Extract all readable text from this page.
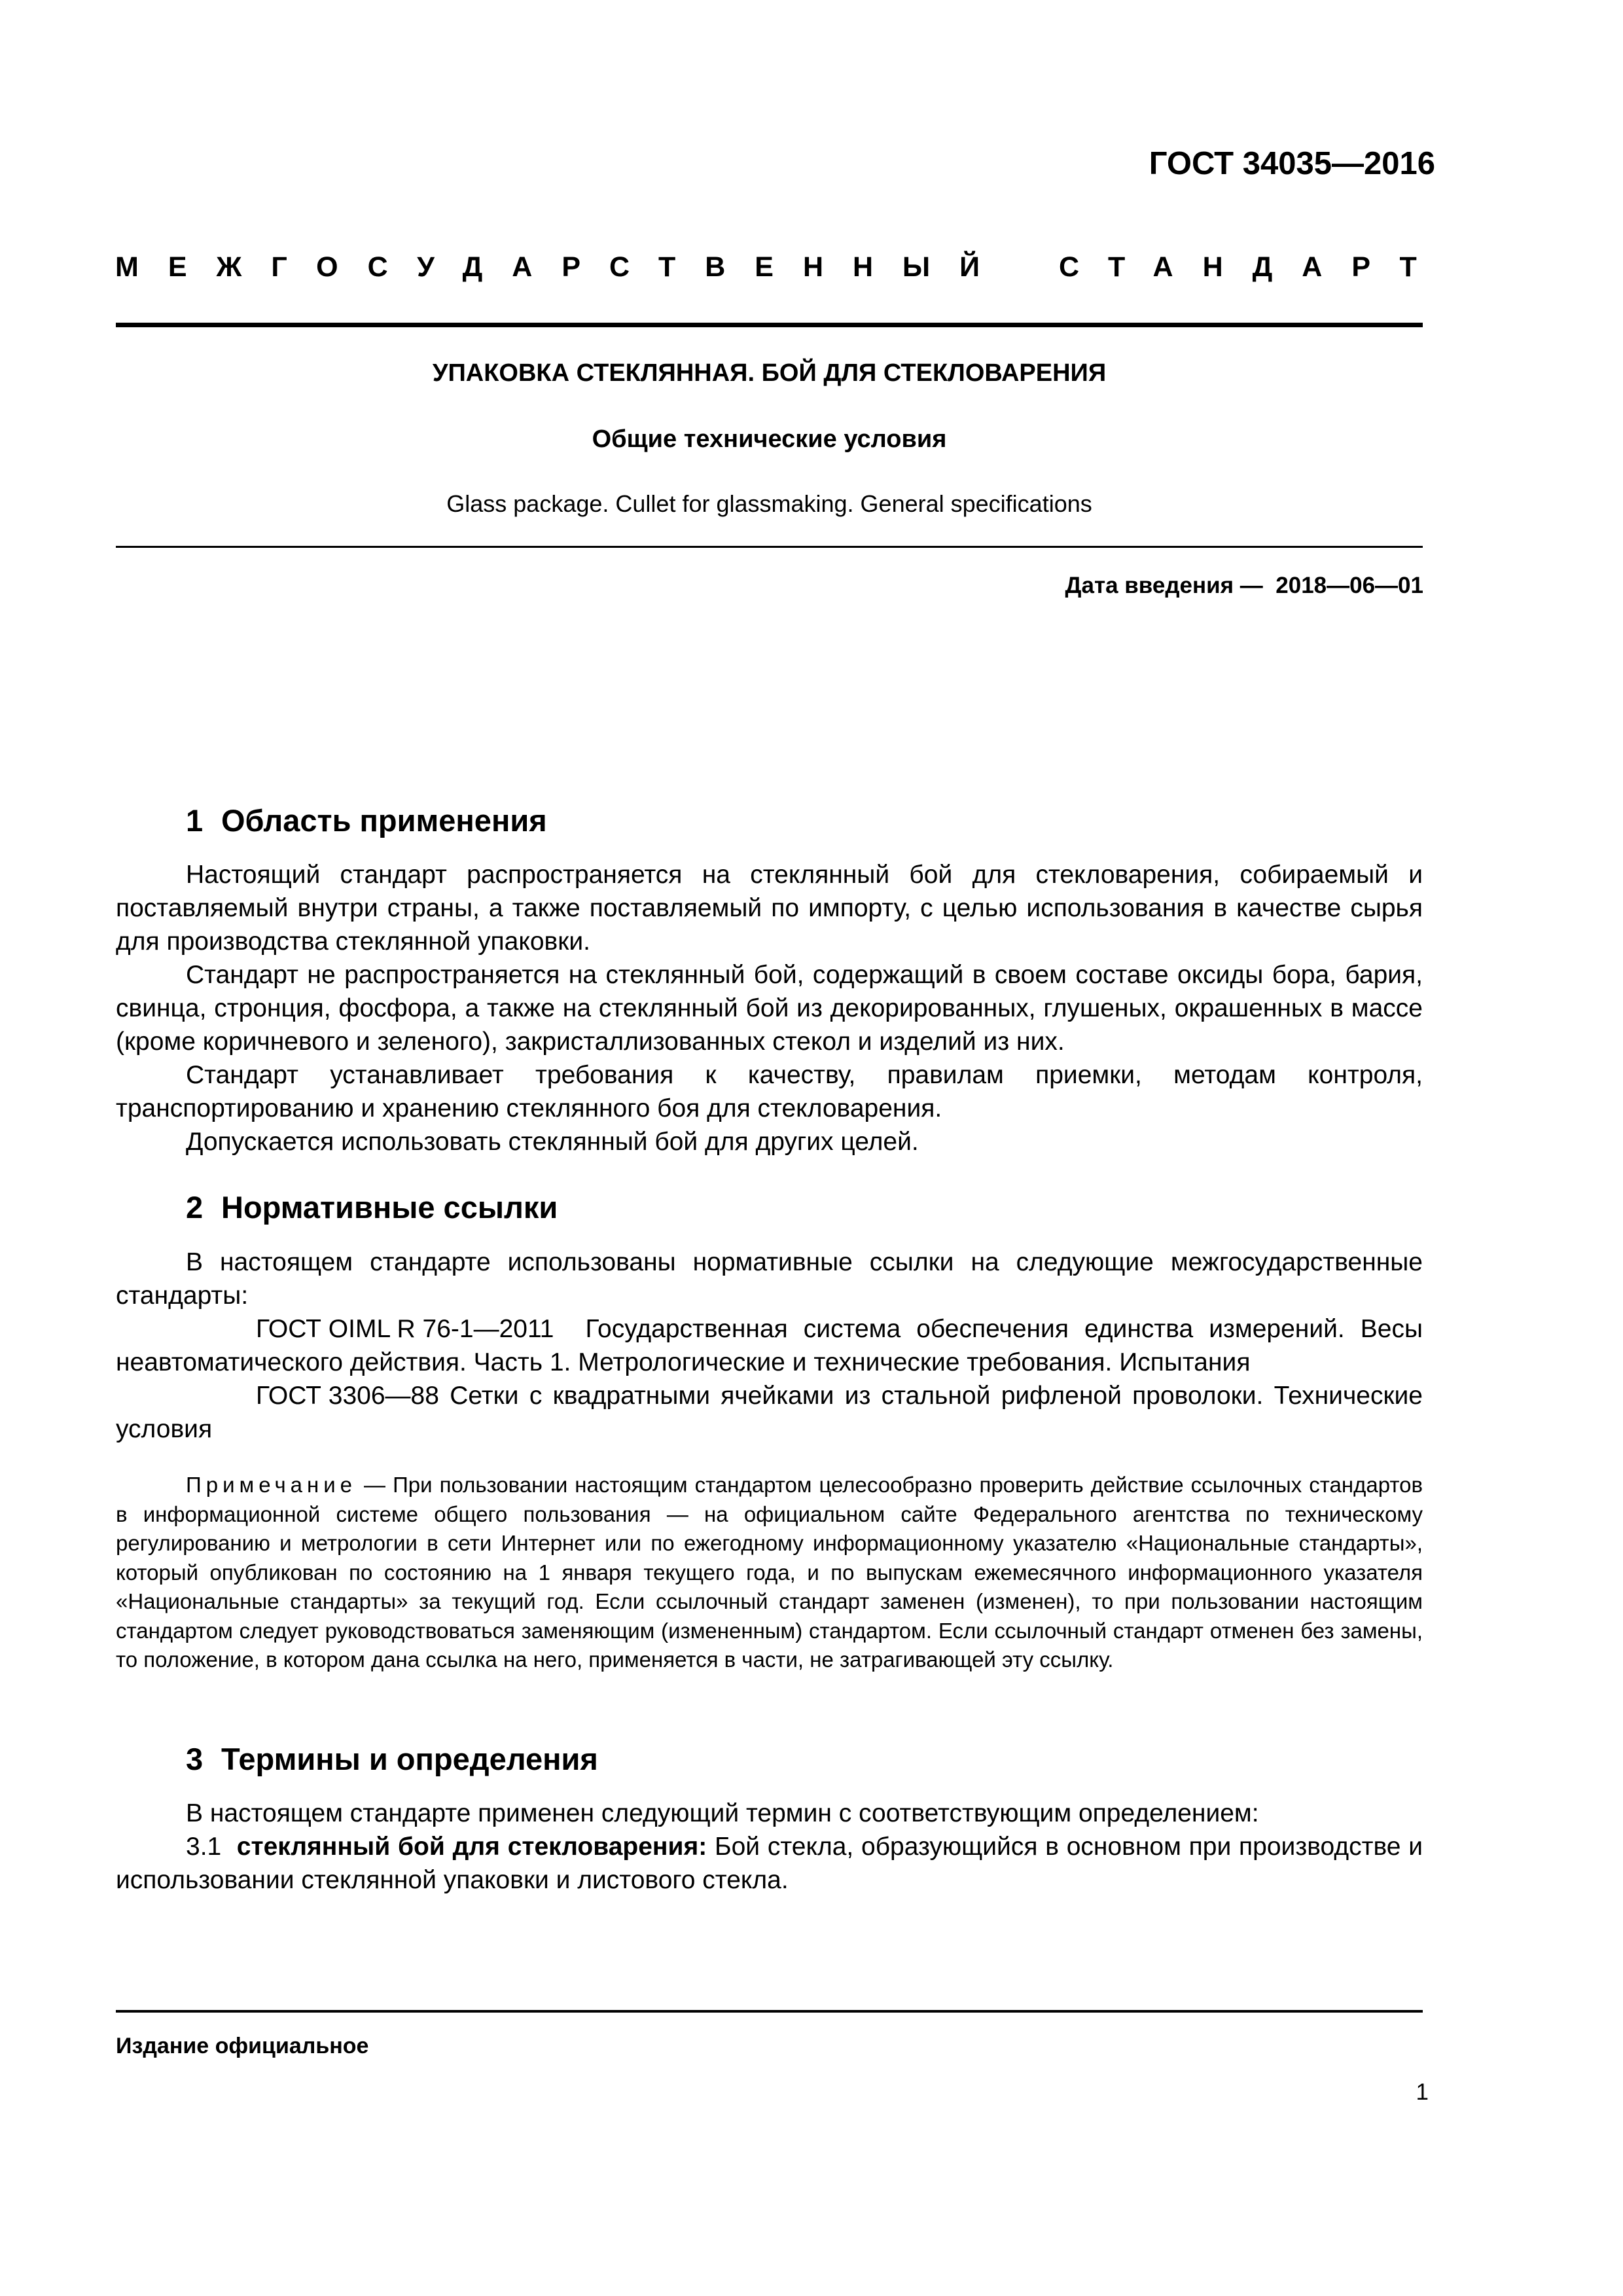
ГОСТ 34035—2016
МЕЖГОСУДАРСТВЕННЫЙ СТАНДАРТ
УПАКОВКА СТЕКЛЯННАЯ. БОЙ ДЛЯ СТЕКЛОВАРЕНИЯ
Общие технические условия
Glass package. Cullet for glassmaking. General specifications
Дата введения — 2018—06—01
1 Область применения

Настоящий стандарт распространяется на стеклянный бой для стекловарения, собираемый и поставляемый внутри страны, а также поставляемый по импорту, с целью использования в качестве сырья для производства стеклянной упаковки.

Стандарт не распространяется на стеклянный бой, содержащий в своем составе оксиды бора, бария, свинца, стронция, фосфора, а также на стеклянный бой из декорированных, глушеных, окрашенных в массе (кроме коричневого и зеленого), закристаллизованных стекол и изделий из них.

Стандарт устанавливает требования к качеству, правилам приемки, методам контроля, транспортированию и хранению стеклянного боя для стекловарения.

Допускается использовать стеклянный бой для других целей.

2 Нормативные ссылки

В настоящем стандарте использованы нормативные ссылки на следующие межгосударственные стандарты:

ГОСТ OIML R 76-1—2011 Государственная система обеспечения единства измерений. Весы неавтоматического действия. Часть 1. Метрологические и технические требования. Испытания

ГОСТ 3306—88 Сетки с квадратными ячейками из стальной рифленой проволоки. Технические условия

Примечание — При пользовании настоящим стандартом целесообразно проверить действие ссылочных стандартов в информационной системе общего пользования — на официальном сайте Федерального агентства по техническому регулированию и метрологии в сети Интернет или по ежегодному информационному указателю «Национальные стандарты», который опубликован по состоянию на 1 января текущего года, и по выпускам ежемесячного информационного указателя «Национальные стандарты» за текущий год. Если ссылочный стандарт заменен (изменен), то при пользовании настоящим стандартом следует руководствоваться заменяющим (измененным) стандартом. Если ссылочный стандарт отменен без замены, то положение, в котором дана ссылка на него, применяется в части, не затрагивающей эту ссылку.

3 Термины и определения

В настоящем стандарте применен следующий термин с соответствующим определением:

3.1 стеклянный бой для стекловарения: Бой стекла, образующийся в основном при производстве и использовании стеклянной упаковки и листового стекла.

Издание официальное
1
